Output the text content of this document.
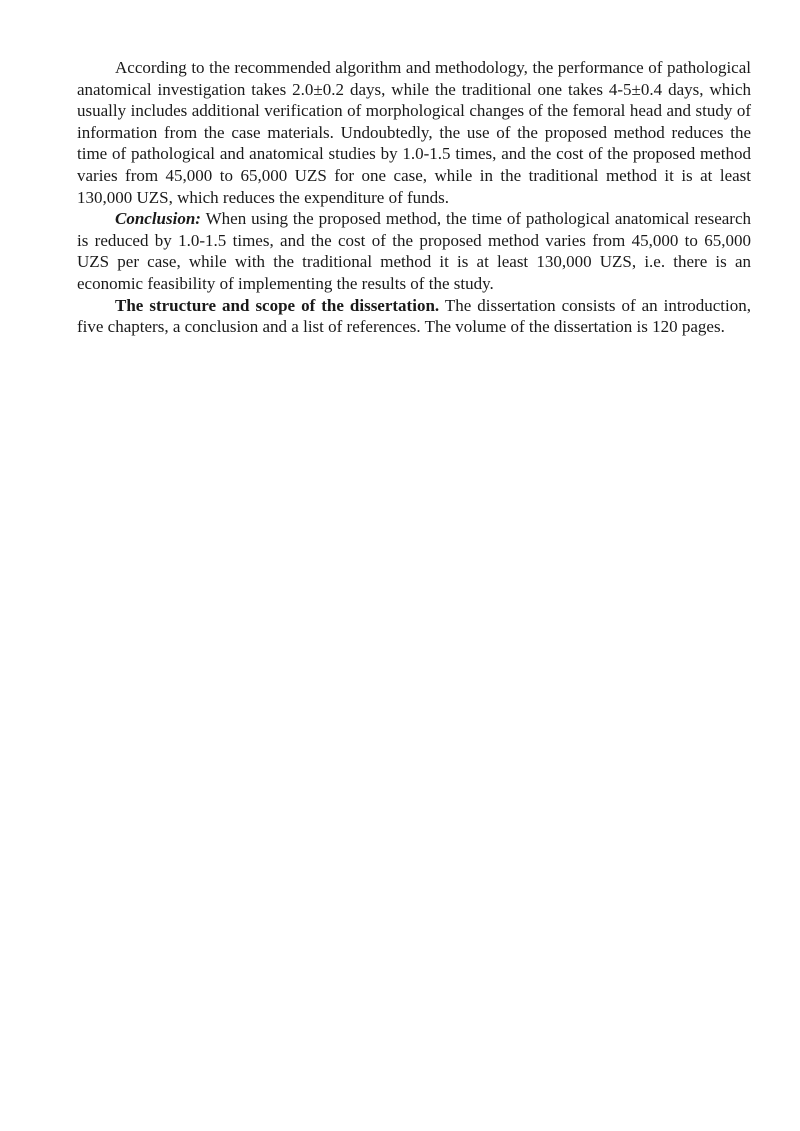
According to the recommended algorithm and methodology, the performance of pathological anatomical investigation takes 2.0±0.2 days, while the traditional one takes 4-5±0.4 days, which usually includes additional verification of morphological changes of the femoral head and study of information from the case materials. Undoubtedly, the use of the proposed method reduces the time of pathological and anatomical studies by 1.0-1.5 times, and the cost of the proposed method varies from 45,000 to 65,000 UZS for one case, while in the traditional method it is at least 130,000 UZS, which reduces the expenditure of funds.

Conclusion: When using the proposed method, the time of pathological anatomical research is reduced by 1.0-1.5 times, and the cost of the proposed method varies from 45,000 to 65,000 UZS per case, while with the traditional method it is at least 130,000 UZS, i.e. there is an economic feasibility of implementing the results of the study.

The structure and scope of the dissertation. The dissertation consists of an introduction, five chapters, a conclusion and a list of references. The volume of the dissertation is 120 pages.
